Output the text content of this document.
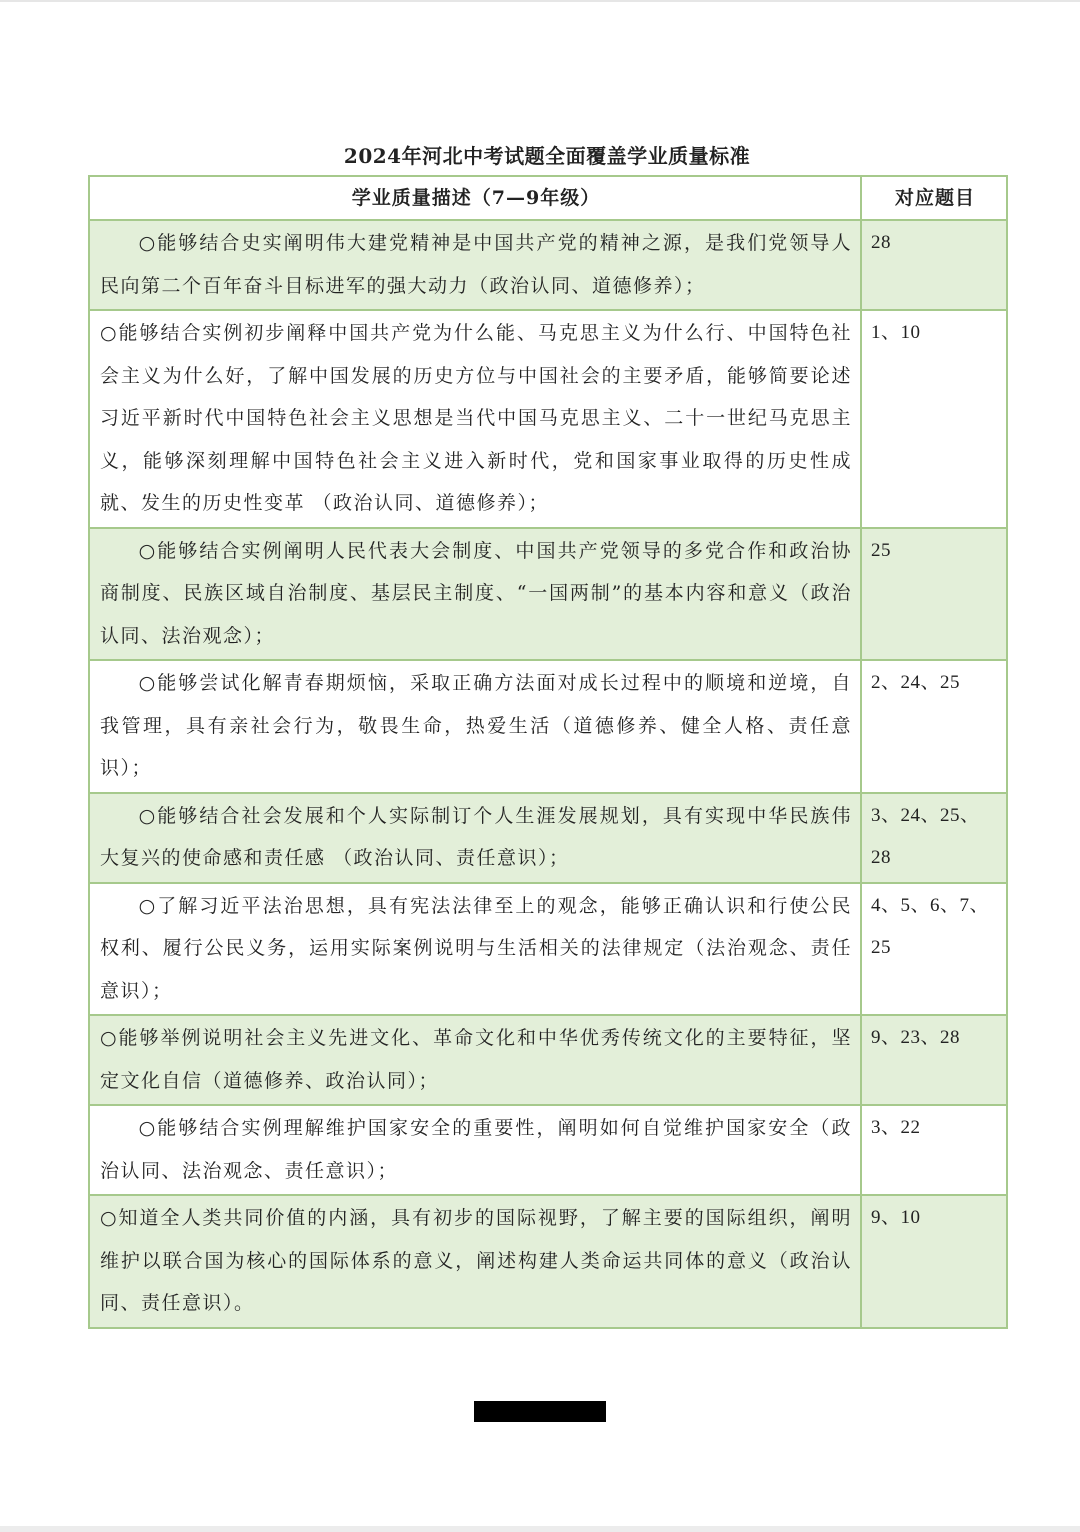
2024年河北中考试题全面覆盖学业质量标准
学业质量描述（7—9年级）	对应题目
○能够结合史实阐明伟大建党精神是中国共产党的精神之源，是我们党领导人民向第二个百年奋斗目标进军的强大动力（政治认同、道德修养）；	28
○能够结合实例初步阐释中国共产党为什么能、马克思主义为什么行、中国特色社会主义为什么好，了解中国发展的历史方位与中国社会的主要矛盾，能够简要论述习近平新时代中国特色社会主义思想是当代中国马克思主义、二十一世纪马克思主义，能够深刻理解中国特色社会主义进入新时代，党和国家事业取得的历史性成就、发生的历史性变革 （政治认同、道德修养）；	1、10
○能够结合实例阐明人民代表大会制度、中国共产党领导的多党合作和政治协商制度、民族区域自治制度、基层民主制度、“一国两制”的基本内容和意义（政治认同、法治观念）；	25
○能够尝试化解青春期烦恼，采取正确方法面对成长过程中的顺境和逆境，自我管理，具有亲社会行为，敬畏生命，热爱生活（道德修养、健全人格、责任意识）；	2、24、25
○能够结合社会发展和个人实际制订个人生涯发展规划，具有实现中华民族伟大复兴的使命感和责任感 （政治认同、责任意识）；	3、24、25、28
○了解习近平法治思想，具有宪法法律至上的观念，能够正确认识和行使公民权利、履行公民义务，运用实际案例说明与生活相关的法律规定（法治观念、责任意识）；	4、5、6、7、25
○能够举例说明社会主义先进文化、革命文化和中华优秀传统文化的主要特征，坚定文化自信（道德修养、政治认同）；	9、23、28
○能够结合实例理解维护国家安全的重要性，阐明如何自觉维护国家安全（政治认同、法治观念、责任意识）；	3、22
○知道全人类共同价值的内涵，具有初步的国际视野，了解主要的国际组织，阐明维护以联合国为核心的国际体系的意义，阐述构建人类命运共同体的意义（政治认同、责任意识）。	9、10
